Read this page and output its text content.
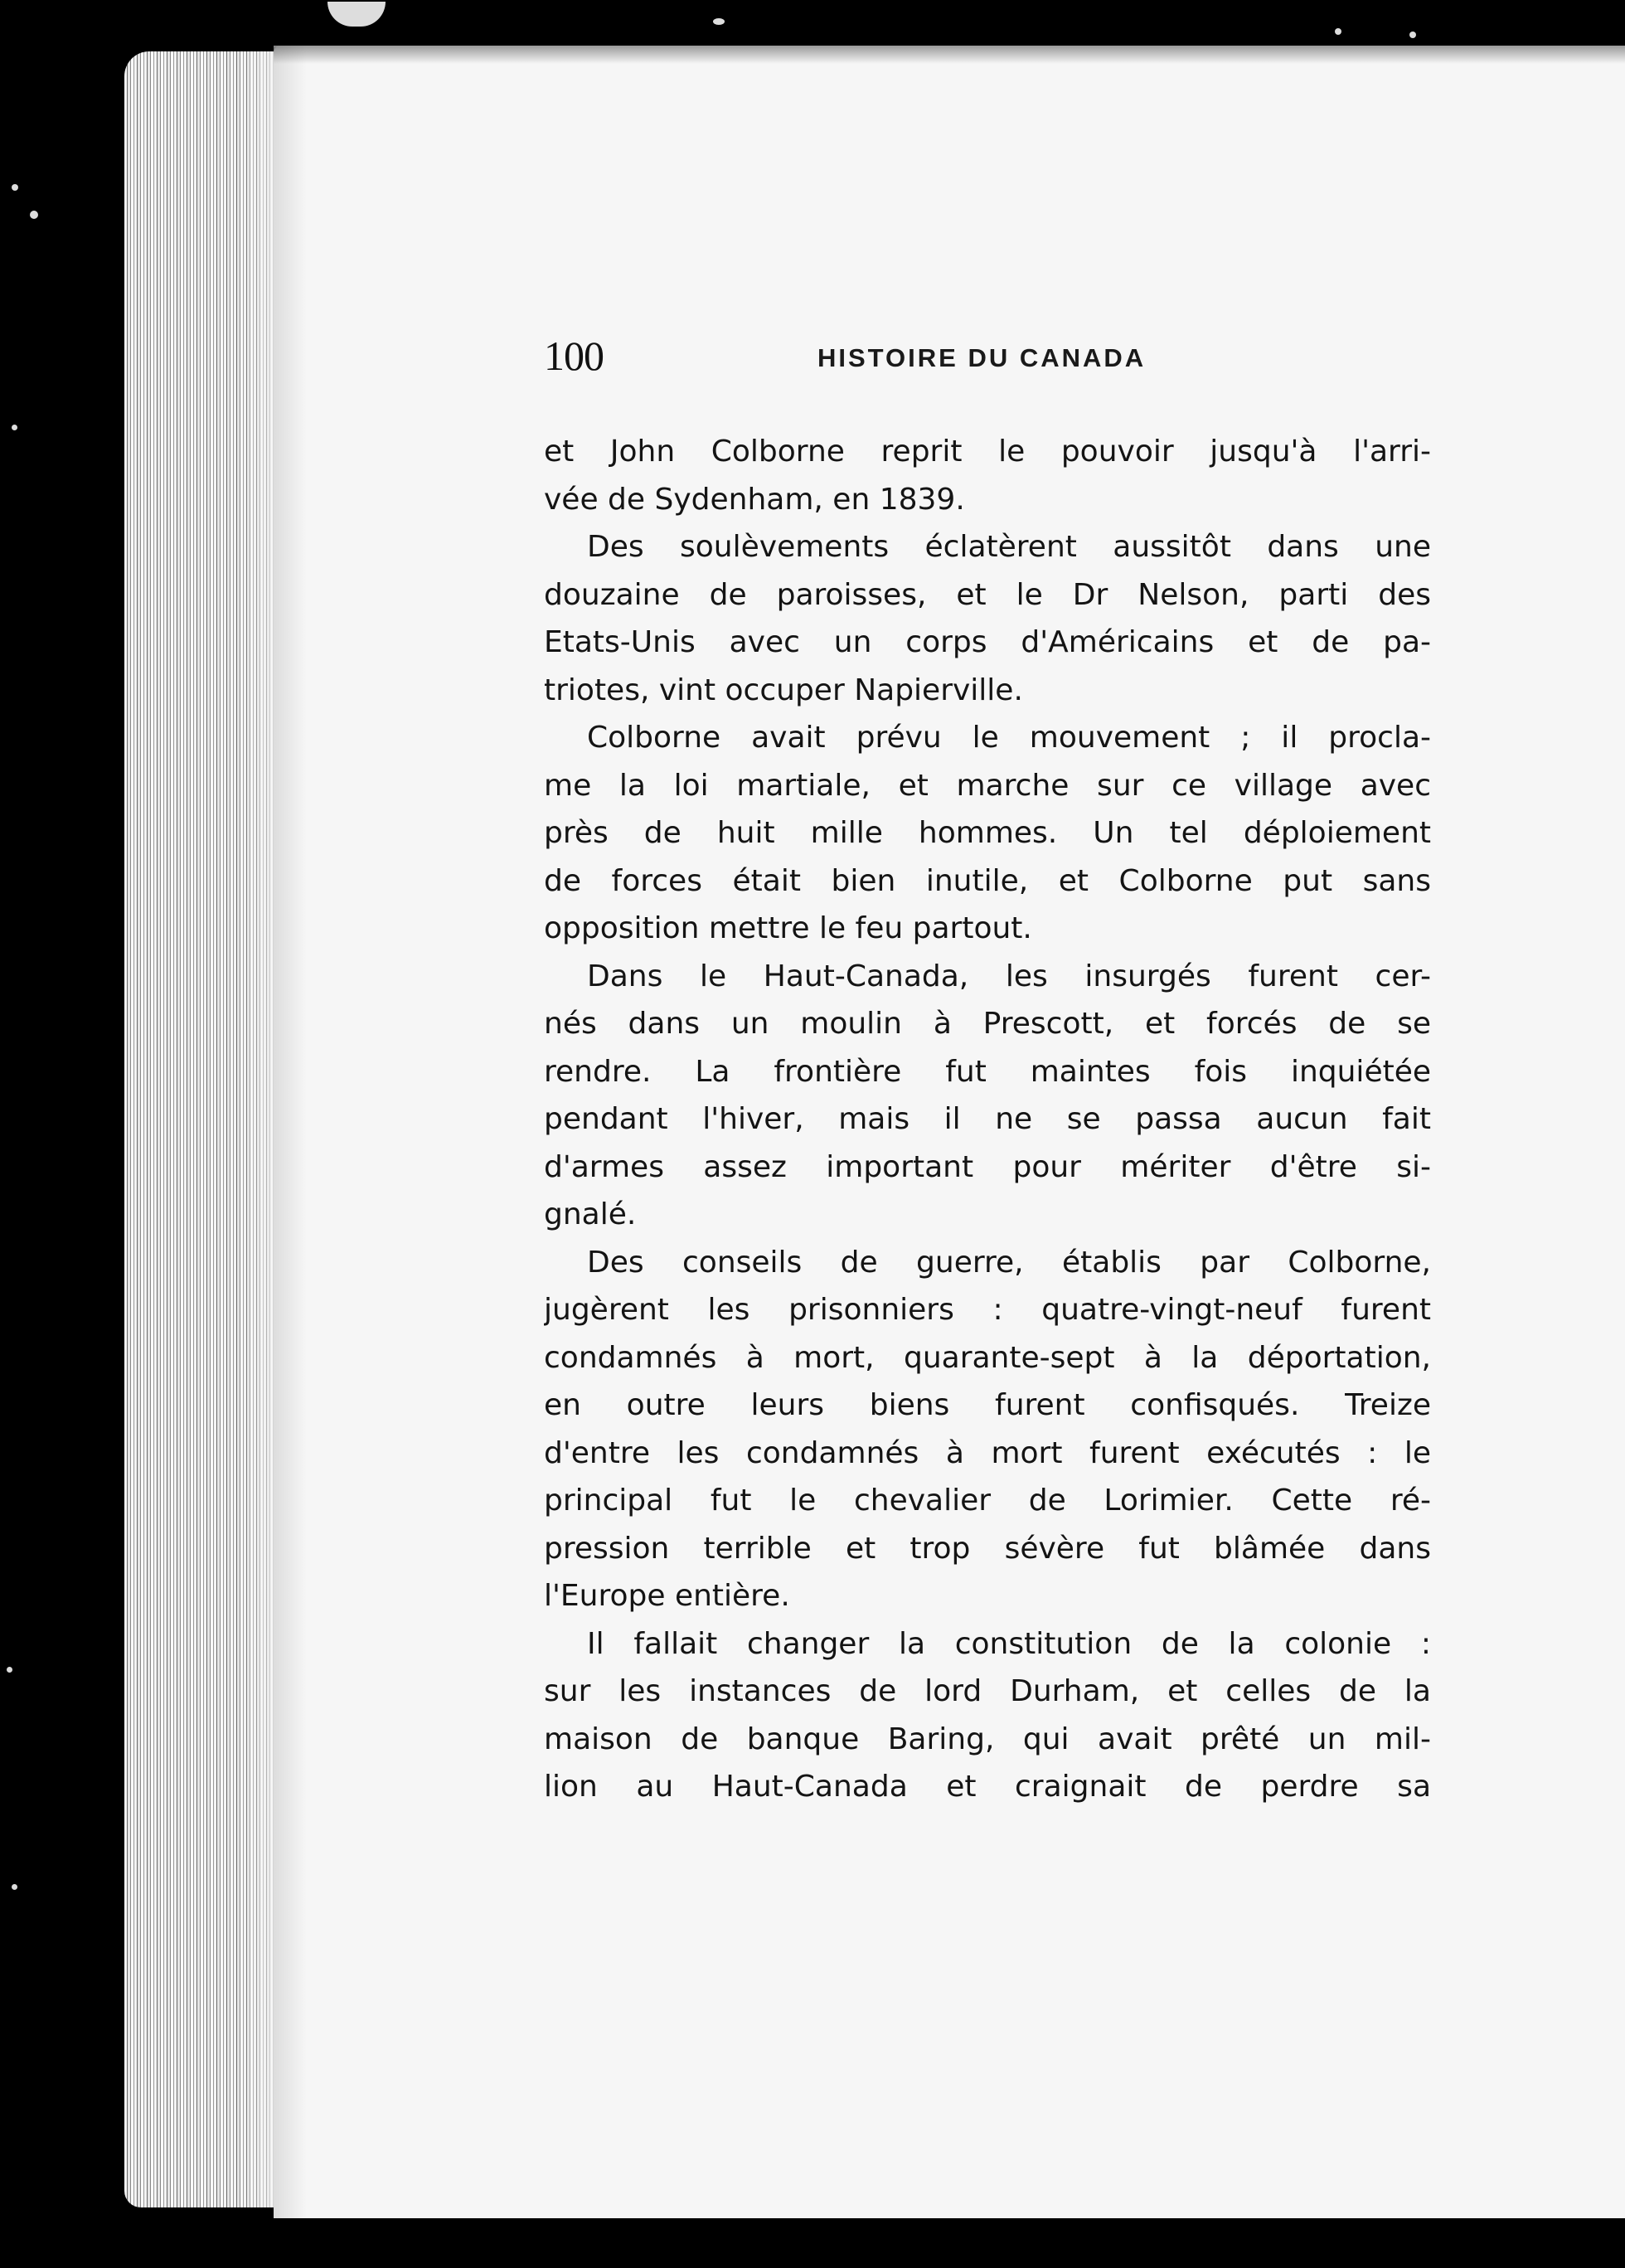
100	HISTOIRE DU CANADA

et John Colborne reprit le pouvoir jusqu'à l'arri-
vée de Sydenham, en 1839.

Des soulèvements éclatèrent aussitôt dans une
douzaine de paroisses, et le Dr Nelson, parti des
Etats-Unis avec un corps d'Américains et de pa-
triotes, vint occuper Napierville.

Colborne avait prévu le mouvement ; il procla-
me la loi martiale, et marche sur ce village avec
près de huit mille hommes. Un tel déploiement
de forces était bien inutile, et Colborne put sans
opposition mettre le feu partout.

Dans le Haut-Canada, les insurgés furent cer-
nés dans un moulin à Prescott, et forcés de se
rendre. La frontière fut maintes fois inquiétée
pendant l'hiver, mais il ne se passa aucun fait
d'armes assez important pour mériter d'être si-
gnalé.

Des conseils de guerre, établis par Colborne,
jugèrent les prisonniers : quatre-vingt-neuf furent
condamnés à mort, quarante-sept à la déportation,
en outre leurs biens furent confisqués. Treize
d'entre les condamnés à mort furent exécutés : le
principal fut le chevalier de Lorimier. Cette ré-
pression terrible et trop sévère fut blâmée dans
l'Europe entière.

Il fallait changer la constitution de la colonie :
sur les instances de lord Durham, et celles de la
maison de banque Baring, qui avait prêté un mil-
lion au Haut-Canada et craignait de perdre sa
